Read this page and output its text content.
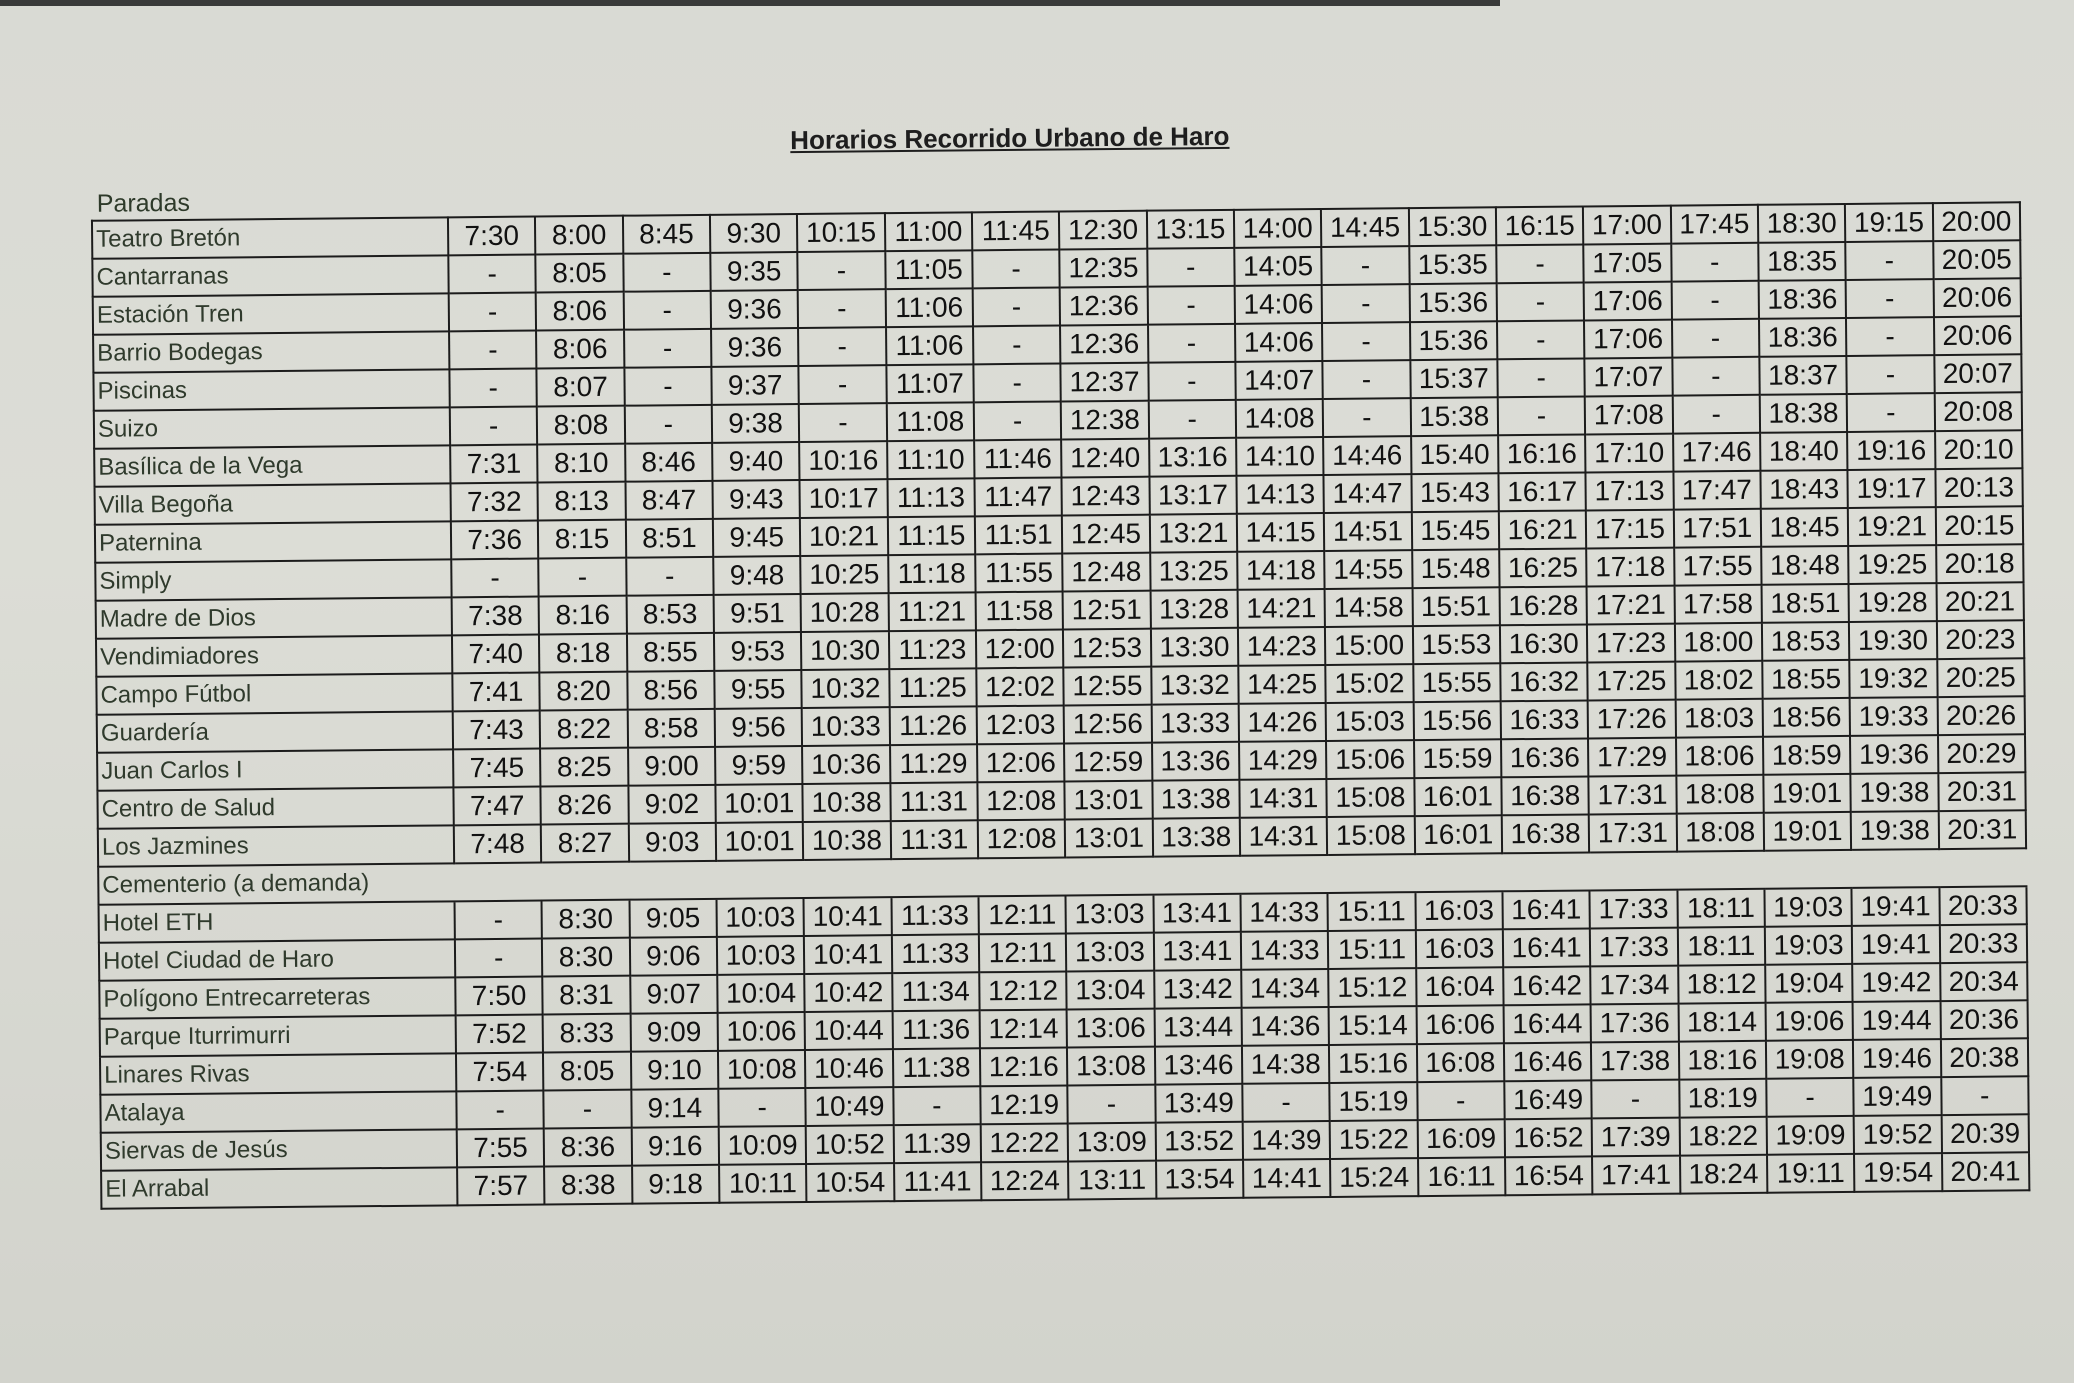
Horarios Recorrido Urbano de Haro
Paradas
Teatro Bretón	7:30	8:00	8:45	9:30	10:15	11:00	11:45	12:30	13:15	14:00	14:45	15:30	16:15	17:00	17:45	18:30	19:15	20:00
Cantarranas	-	8:05	-	9:35	-	11:05	-	12:35	-	14:05	-	15:35	-	17:05	-	18:35	-	20:05
Estación Tren	-	8:06	-	9:36	-	11:06	-	12:36	-	14:06	-	15:36	-	17:06	-	18:36	-	20:06
Barrio Bodegas	-	8:06	-	9:36	-	11:06	-	12:36	-	14:06	-	15:36	-	17:06	-	18:36	-	20:06
Piscinas	-	8:07	-	9:37	-	11:07	-	12:37	-	14:07	-	15:37	-	17:07	-	18:37	-	20:07
Suizo	-	8:08	-	9:38	-	11:08	-	12:38	-	14:08	-	15:38	-	17:08	-	18:38	-	20:08
Basílica de la Vega	7:31	8:10	8:46	9:40	10:16	11:10	11:46	12:40	13:16	14:10	14:46	15:40	16:16	17:10	17:46	18:40	19:16	20:10
Villa Begoña	7:32	8:13	8:47	9:43	10:17	11:13	11:47	12:43	13:17	14:13	14:47	15:43	16:17	17:13	17:47	18:43	19:17	20:13
Paternina	7:36	8:15	8:51	9:45	10:21	11:15	11:51	12:45	13:21	14:15	14:51	15:45	16:21	17:15	17:51	18:45	19:21	20:15
Simply	-	-	-	9:48	10:25	11:18	11:55	12:48	13:25	14:18	14:55	15:48	16:25	17:18	17:55	18:48	19:25	20:18
Madre de Dios	7:38	8:16	8:53	9:51	10:28	11:21	11:58	12:51	13:28	14:21	14:58	15:51	16:28	17:21	17:58	18:51	19:28	20:21
Vendimiadores	7:40	8:18	8:55	9:53	10:30	11:23	12:00	12:53	13:30	14:23	15:00	15:53	16:30	17:23	18:00	18:53	19:30	20:23
Campo Fútbol	7:41	8:20	8:56	9:55	10:32	11:25	12:02	12:55	13:32	14:25	15:02	15:55	16:32	17:25	18:02	18:55	19:32	20:25
Guardería	7:43	8:22	8:58	9:56	10:33	11:26	12:03	12:56	13:33	14:26	15:03	15:56	16:33	17:26	18:03	18:56	19:33	20:26
Juan Carlos I	7:45	8:25	9:00	9:59	10:36	11:29	12:06	12:59	13:36	14:29	15:06	15:59	16:36	17:29	18:06	18:59	19:36	20:29
Centro de Salud	7:47	8:26	9:02	10:01	10:38	11:31	12:08	13:01	13:38	14:31	15:08	16:01	16:38	17:31	18:08	19:01	19:38	20:31
Los Jazmines	7:48	8:27	9:03	10:01	10:38	11:31	12:08	13:01	13:38	14:31	15:08	16:01	16:38	17:31	18:08	19:01	19:38	20:31
Cementerio (a demanda)																		
Hotel ETH	-	8:30	9:05	10:03	10:41	11:33	12:11	13:03	13:41	14:33	15:11	16:03	16:41	17:33	18:11	19:03	19:41	20:33
Hotel Ciudad de Haro	-	8:30	9:06	10:03	10:41	11:33	12:11	13:03	13:41	14:33	15:11	16:03	16:41	17:33	18:11	19:03	19:41	20:33
Polígono Entrecarreteras	7:50	8:31	9:07	10:04	10:42	11:34	12:12	13:04	13:42	14:34	15:12	16:04	16:42	17:34	18:12	19:04	19:42	20:34
Parque Iturrimurri	7:52	8:33	9:09	10:06	10:44	11:36	12:14	13:06	13:44	14:36	15:14	16:06	16:44	17:36	18:14	19:06	19:44	20:36
Linares Rivas	7:54	8:05	9:10	10:08	10:46	11:38	12:16	13:08	13:46	14:38	15:16	16:08	16:46	17:38	18:16	19:08	19:46	20:38
Atalaya	-	-	9:14	-	10:49	-	12:19	-	13:49	-	15:19	-	16:49	-	18:19	-	19:49	-
Siervas de Jesús	7:55	8:36	9:16	10:09	10:52	11:39	12:22	13:09	13:52	14:39	15:22	16:09	16:52	17:39	18:22	19:09	19:52	20:39
El Arrabal	7:57	8:38	9:18	10:11	10:54	11:41	12:24	13:11	13:54	14:41	15:24	16:11	16:54	17:41	18:24	19:11	19:54	20:41
